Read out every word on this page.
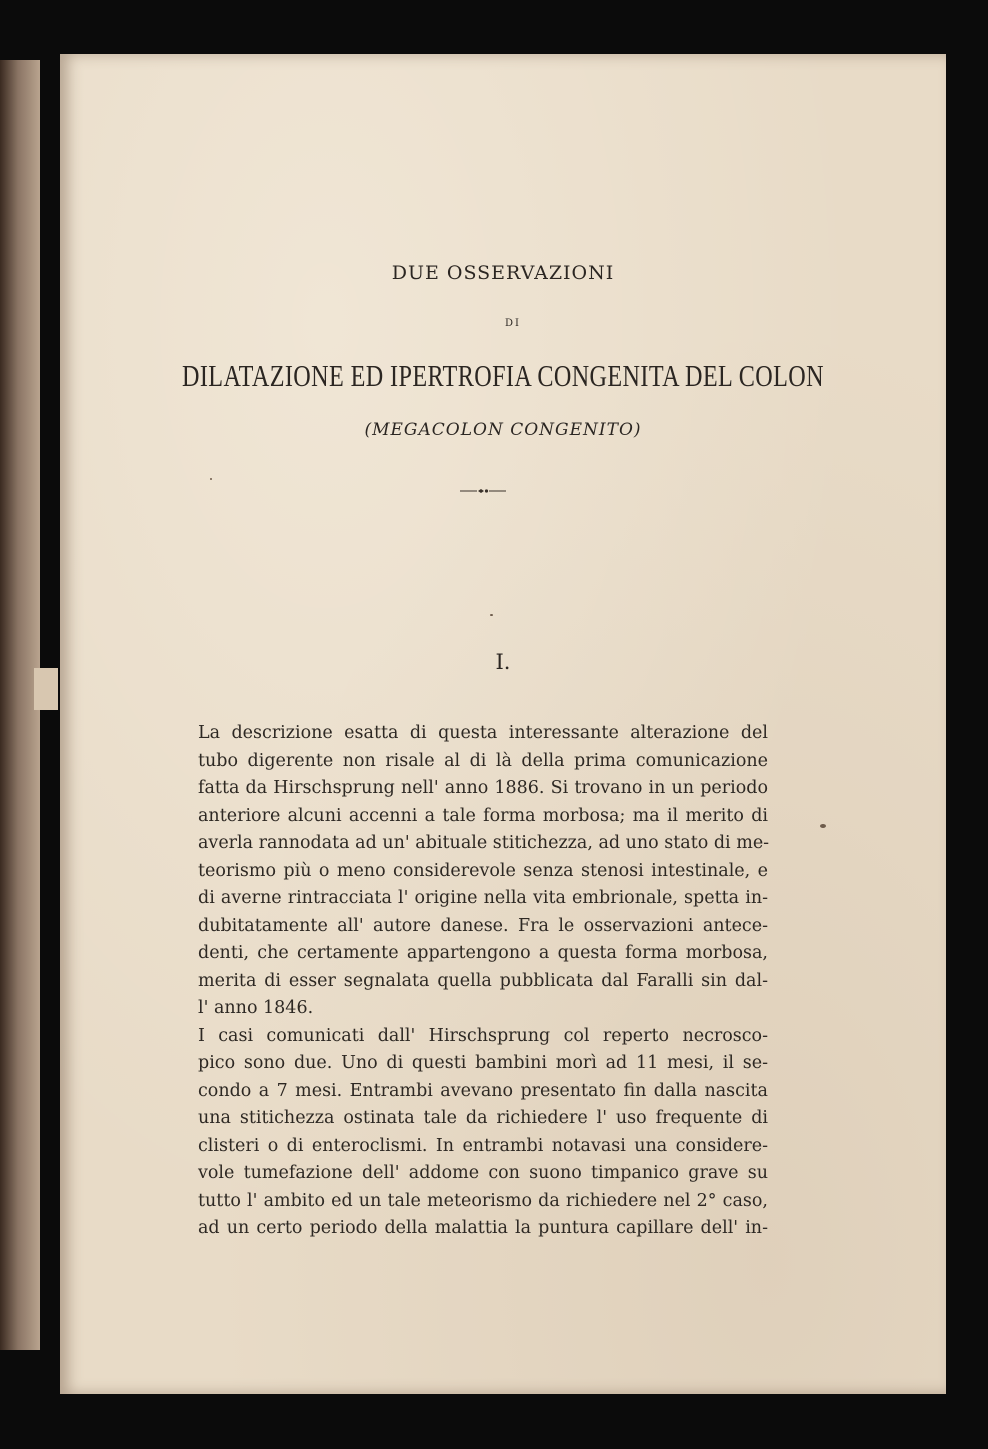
DUE OSSERVAZIONI
DI
DILATAZIONE ED IPERTROFIA CONGENITA DEL COLON
(MEGACOLON CONGENITO)
I.

La descrizione esatta di questa interessante alterazione del

tubo digerente non risale al di là della prima comunicazione

fatta da Hirschsprung nell' anno 1886. Si trovano in un periodo

anteriore alcuni accenni a tale forma morbosa; ma il merito di

averla rannodata ad un' abituale stitichezza, ad uno stato di me-

teorismo più o meno considerevole senza stenosi intestinale, e

di averne rintracciata l' origine nella vita embrionale, spetta in-

dubitatamente all' autore danese. Fra le osservazioni antece-

denti, che certamente appartengono a questa forma morbosa,

merita di esser segnalata quella pubblicata dal Faralli sin dal-

l' anno 1846.

I casi comunicati dall' Hirschsprung col reperto necrosco-

pico sono due. Uno di questi bambini morì ad 11 mesi, il se-

condo a 7 mesi. Entrambi avevano presentato fin dalla nascita

una stitichezza ostinata tale da richiedere l' uso frequente di

clisteri o di enteroclismi. In entrambi notavasi una considere-

vole tumefazione dell' addome con suono timpanico grave su

tutto l' ambito ed un tale meteorismo da richiedere nel 2° caso,

ad un certo periodo della malattia la puntura capillare dell' in-
